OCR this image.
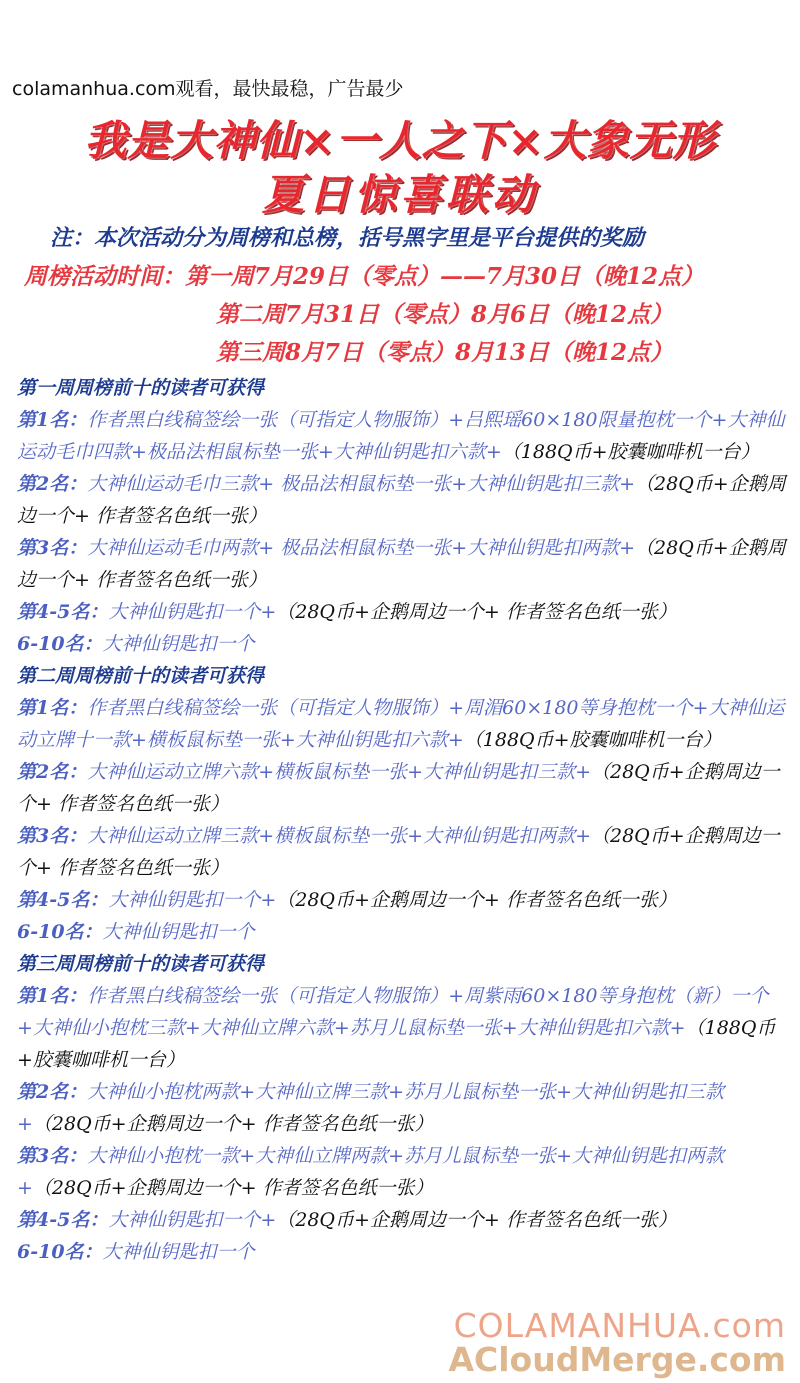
colamanhua.com观看，最快最稳，广告最少
我是大神仙×一人之下×大象无形
夏日惊喜联动
注：本次活动分为周榜和总榜，括号黑字里是平台提供的奖励
周榜活动时间：第一周7月29日（零点）——7月30日（晚12点）
第二周7月31日（零点）8月6日（晚12点）
第三周8月7日（零点）8月13日（晚12点）
第一周周榜前十的读者可获得
第1名：作者黑白线稿签绘一张（可指定人物服饰）+吕熙瑶60×180限量抱枕一个+大神仙运动毛巾四款+极品法相鼠标垫一张+大神仙钥匙扣六款+（188Q币+胶囊咖啡机一台）
第2名：大神仙运动毛巾三款+ 极品法相鼠标垫一张+大神仙钥匙扣三款+（28Q币+企鹅周边一个+ 作者签名色纸一张）
第3名：大神仙运动毛巾两款+ 极品法相鼠标垫一张+大神仙钥匙扣两款+（28Q币+企鹅周边一个+ 作者签名色纸一张）
第4-5名：大神仙钥匙扣一个+（28Q币+企鹅周边一个+ 作者签名色纸一张）
6-10名：大神仙钥匙扣一个
第二周周榜前十的读者可获得
第1名：作者黑白线稿签绘一张（可指定人物服饰）+周湄60×180等身抱枕一个+大神仙运动立牌十一款+横板鼠标垫一张+大神仙钥匙扣六款+（188Q币+胶囊咖啡机一台）
第2名：大神仙运动立牌六款+横板鼠标垫一张+大神仙钥匙扣三款+（28Q币+企鹅周边一个+ 作者签名色纸一张）
第3名：大神仙运动立牌三款+横板鼠标垫一张+大神仙钥匙扣两款+（28Q币+企鹅周边一个+ 作者签名色纸一张）
第4-5名：大神仙钥匙扣一个+（28Q币+企鹅周边一个+ 作者签名色纸一张）
6-10名：大神仙钥匙扣一个
第三周周榜前十的读者可获得
第1名：作者黑白线稿签绘一张（可指定人物服饰）+周紫雨60×180等身抱枕（新）一个+大神仙小抱枕三款+大神仙立牌六款+苏月儿鼠标垫一张+大神仙钥匙扣六款+（188Q币+胶囊咖啡机一台）
第2名：大神仙小抱枕两款+大神仙立牌三款+苏月儿鼠标垫一张+大神仙钥匙扣三款+（28Q币+企鹅周边一个+ 作者签名色纸一张）
第3名：大神仙小抱枕一款+大神仙立牌两款+苏月儿鼠标垫一张+大神仙钥匙扣两款+（28Q币+企鹅周边一个+ 作者签名色纸一张）
第4-5名：大神仙钥匙扣一个+（28Q币+企鹅周边一个+ 作者签名色纸一张）
6-10名：大神仙钥匙扣一个
COLAMANHUA.com
ACloudMerge.com
